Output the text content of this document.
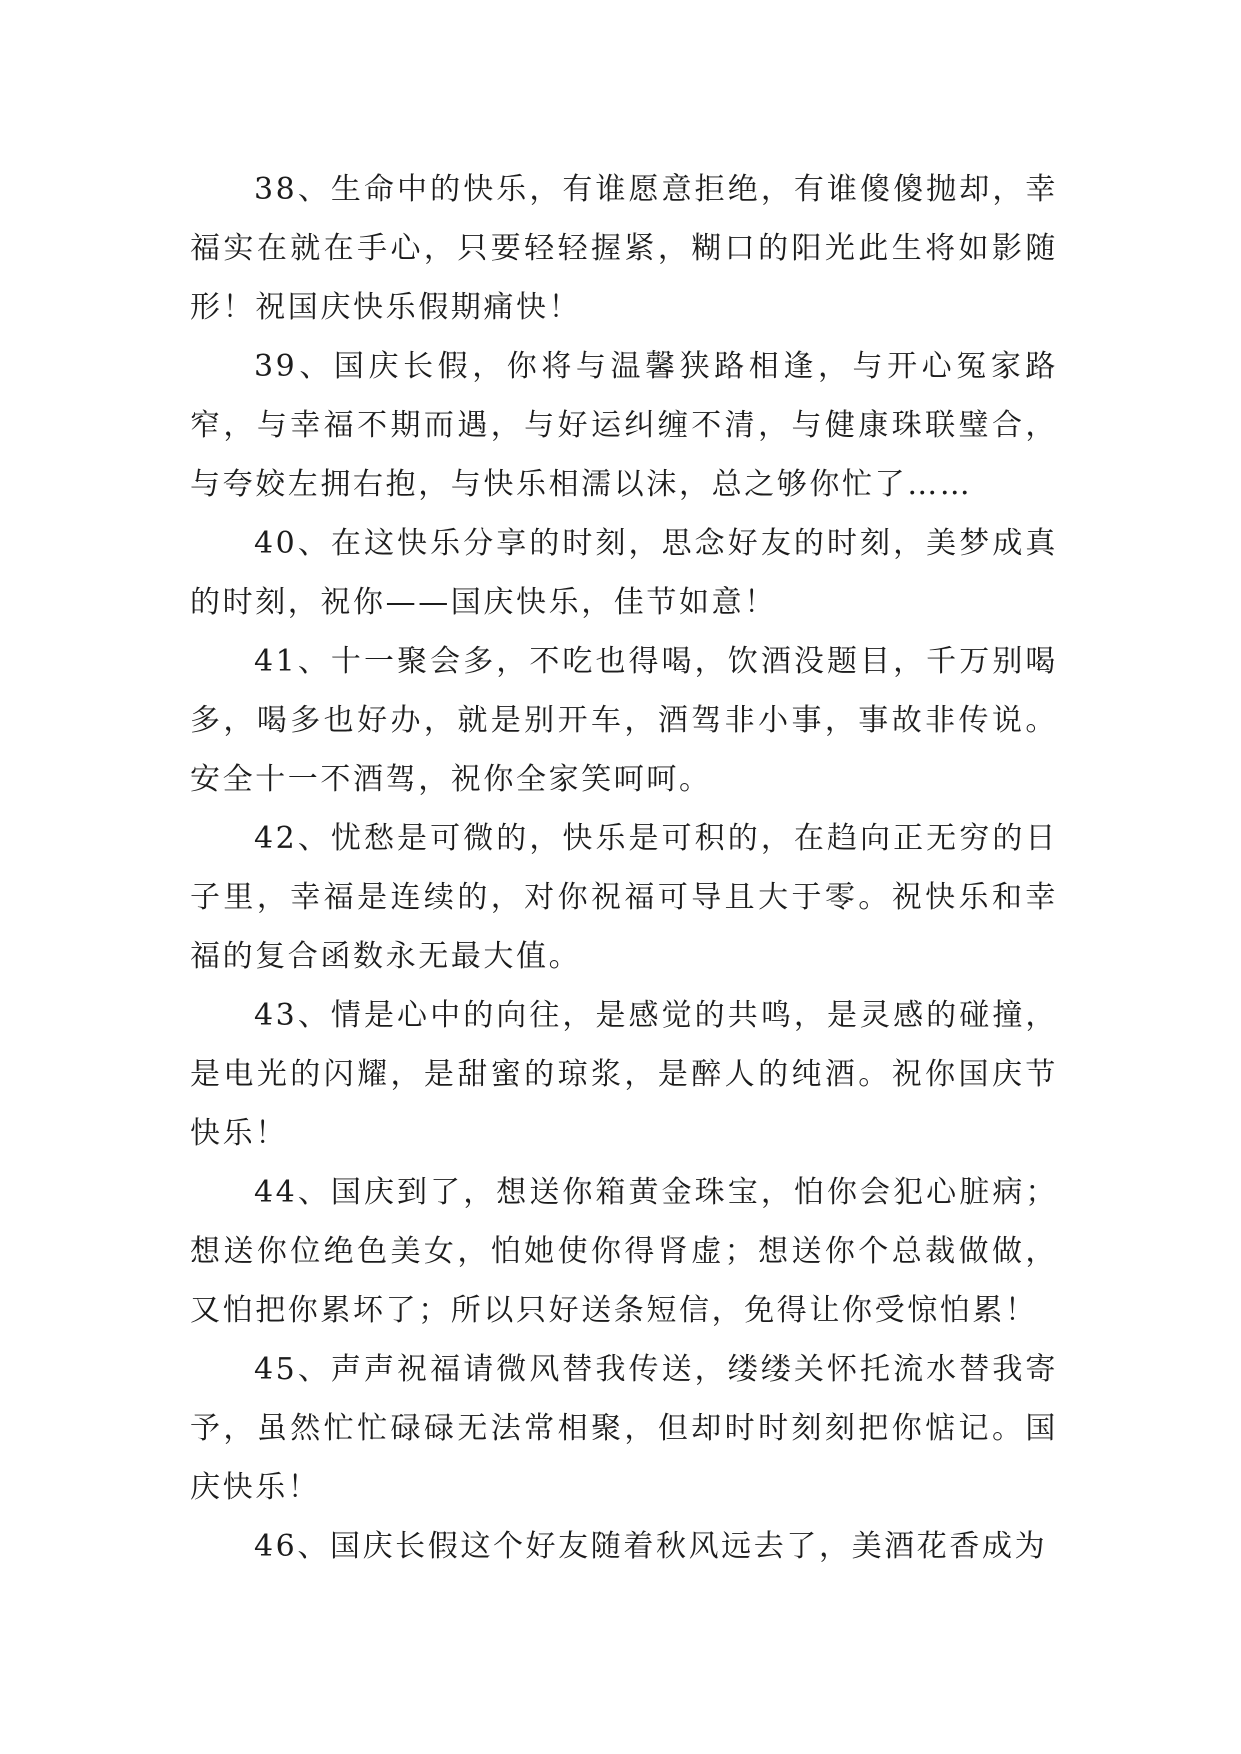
38、生命中的快乐，有谁愿意拒绝，有谁傻傻抛却，幸福实在就在手心，只要轻轻握紧，糊口的阳光此生将如影随形！祝国庆快乐假期痛快！

39、国庆长假，你将与温馨狭路相逢，与开心冤家路窄，与幸福不期而遇，与好运纠缠不清，与健康珠联璧合，与夸姣左拥右抱，与快乐相濡以沫，总之够你忙了……

40、在这快乐分享的时刻，思念好友的时刻，美梦成真的时刻，祝你——国庆快乐，佳节如意！

41、十一聚会多，不吃也得喝，饮酒没题目，千万别喝多，喝多也好办，就是别开车，酒驾非小事，事故非传说。安全十一不酒驾，祝你全家笑呵呵。

42、忧愁是可微的，快乐是可积的，在趋向正无穷的日子里，幸福是连续的，对你祝福可导且大于零。祝快乐和幸福的复合函数永无最大值。

43、情是心中的向往，是感觉的共鸣，是灵感的碰撞，是电光的闪耀，是甜蜜的琼浆，是醉人的纯酒。祝你国庆节快乐！

44、国庆到了，想送你箱黄金珠宝，怕你会犯心脏病；想送你位绝色美女，怕她使你得肾虚；想送你个总裁做做，又怕把你累坏了；所以只好送条短信，免得让你受惊怕累！

45、声声祝福请微风替我传送，缕缕关怀托流水替我寄予，虽然忙忙碌碌无法常相聚，但却时时刻刻把你惦记。国庆快乐！

46、国庆长假这个好友随着秋风远去了，美酒花香成为
